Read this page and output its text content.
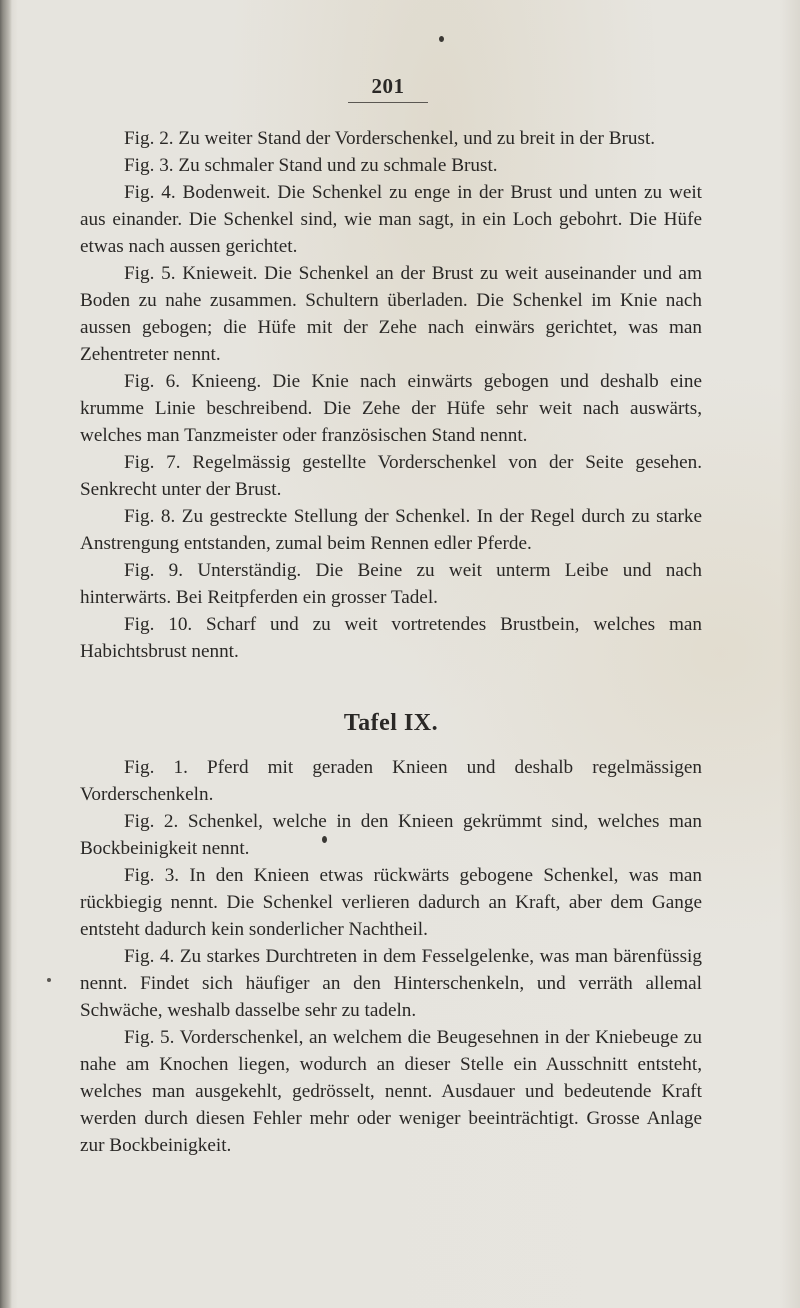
201

Fig. 2. Zu weiter Stand der Vorderschenkel, und zu breit in der Brust.

Fig. 3. Zu schmaler Stand und zu schmale Brust.

Fig. 4. Bodenweit. Die Schenkel zu enge in der Brust und unten zu weit aus einander. Die Schenkel sind, wie man sagt, in ein Loch gebohrt. Die Hüfe etwas nach aussen gerichtet.

Fig. 5. Knieweit. Die Schenkel an der Brust zu weit auseinander und am Boden zu nahe zusammen. Schultern überladen. Die Schenkel im Knie nach aussen gebogen; die Hüfe mit der Zehe nach einwärs gerichtet, was man Zehentreter nennt.

Fig. 6. Knieeng. Die Knie nach einwärts gebogen und deshalb eine krumme Linie beschreibend. Die Zehe der Hüfe sehr weit nach auswärts, welches man Tanzmeister oder französischen Stand nennt.

Fig. 7. Regelmässig gestellte Vorderschenkel von der Seite gesehen. Senkrecht unter der Brust.

Fig. 8. Zu gestreckte Stellung der Schenkel. In der Regel durch zu starke Anstrengung entstanden, zumal beim Rennen edler Pferde.

Fig. 9. Unterständig. Die Beine zu weit unterm Leibe und nach hinterwärts. Bei Reitpferden ein grosser Tadel.

Fig. 10. Scharf und zu weit vortretendes Brustbein, welches man Habichtsbrust nennt.

Tafel IX.

Fig. 1. Pferd mit geraden Knieen und deshalb regelmässigen Vorderschenkeln.

Fig. 2. Schenkel, welche in den Knieen gekrümmt sind, welches man Bockbeinigkeit nennt.

Fig. 3. In den Knieen etwas rückwärts gebogene Schenkel, was man rückbiegig nennt. Die Schenkel verlieren dadurch an Kraft, aber dem Gange entsteht dadurch kein sonderlicher Nachtheil.

Fig. 4. Zu starkes Durchtreten in dem Fesselgelenke, was man bärenfüssig nennt. Findet sich häufiger an den Hinterschenkeln, und verräth allemal Schwäche, weshalb dasselbe sehr zu tadeln.

Fig. 5. Vorderschenkel, an welchem die Beugesehnen in der Kniebeuge zu nahe am Knochen liegen, wodurch an dieser Stelle ein Ausschnitt entsteht, welches man ausgekehlt, gedrösselt, nennt. Ausdauer und bedeutende Kraft werden durch diesen Fehler mehr oder weniger beeinträchtigt. Grosse Anlage zur Bockbeinigkeit.
